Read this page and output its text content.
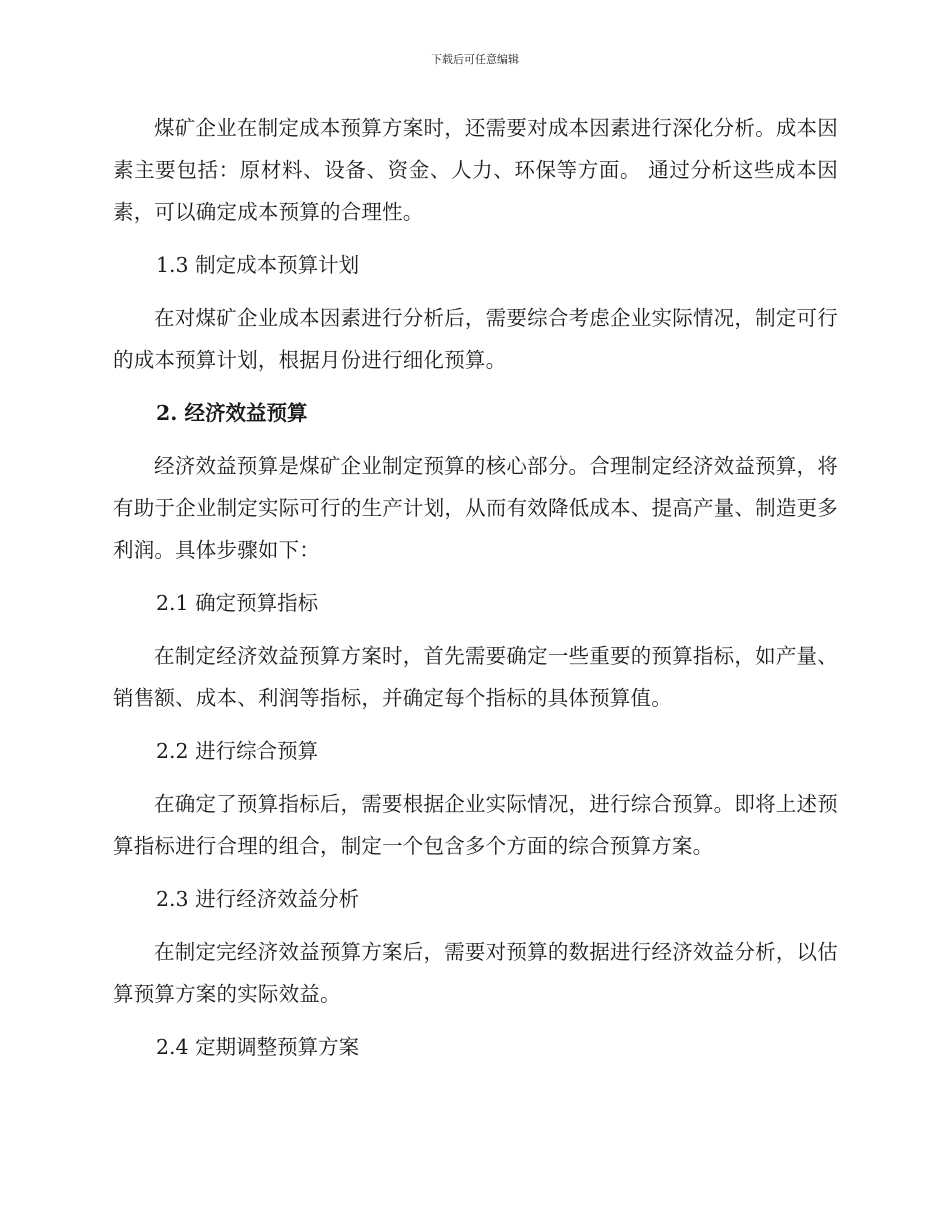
下载后可任意编辑

煤矿企业在制定成本预算方案时，还需要对成本因素进行深化分析。成本因素主要包括：原材料、设备、资金、人力、环保等方面。 通过分析这些成本因素，可以确定成本预算的合理性。

1.3 制定成本预算计划

在对煤矿企业成本因素进行分析后，需要综合考虑企业实际情况，制定可行的成本预算计划，根据月份进行细化预算。

2. 经济效益预算

经济效益预算是煤矿企业制定预算的核心部分。合理制定经济效益预算，将有助于企业制定实际可行的生产计划，从而有效降低成本、提高产量、制造更多利润。具体步骤如下：

2.1 确定预算指标

在制定经济效益预算方案时，首先需要确定一些重要的预算指标，如产量、销售额、成本、利润等指标，并确定每个指标的具体预算值。

2.2 进行综合预算

在确定了预算指标后，需要根据企业实际情况，进行综合预算。即将上述预算指标进行合理的组合，制定一个包含多个方面的综合预算方案。

2.3 进行经济效益分析

在制定完经济效益预算方案后，需要对预算的数据进行经济效益分析，以估算预算方案的实际效益。

2.4 定期调整预算方案
